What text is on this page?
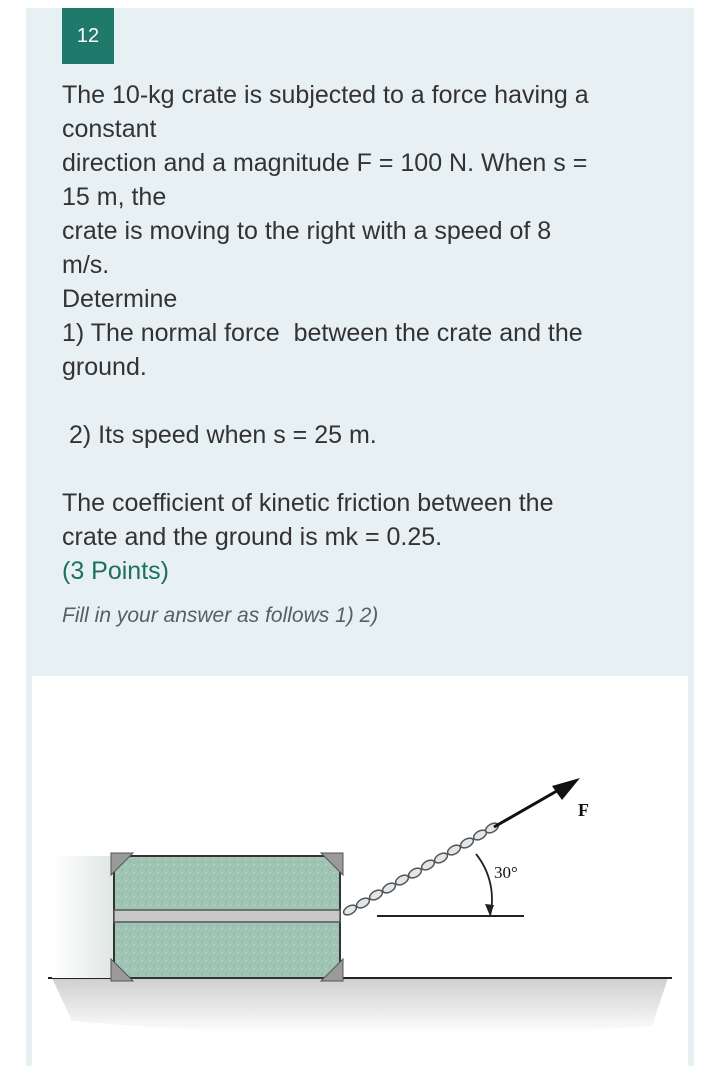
12
The 10-kg crate is subjected to a force having a
constant
direction and a magnitude F = 100 N. When s =
15 m, the
crate is moving to the right with a speed of 8
m/s.
Determine
1) The normal force  between the crate and the
ground.
2) Its speed when s = 25 m.
The coefficient of kinetic friction between the
crate and the ground is mk = 0.25.
(3 Points)
Fill in your answer as follows 1) 2)
30°
F
